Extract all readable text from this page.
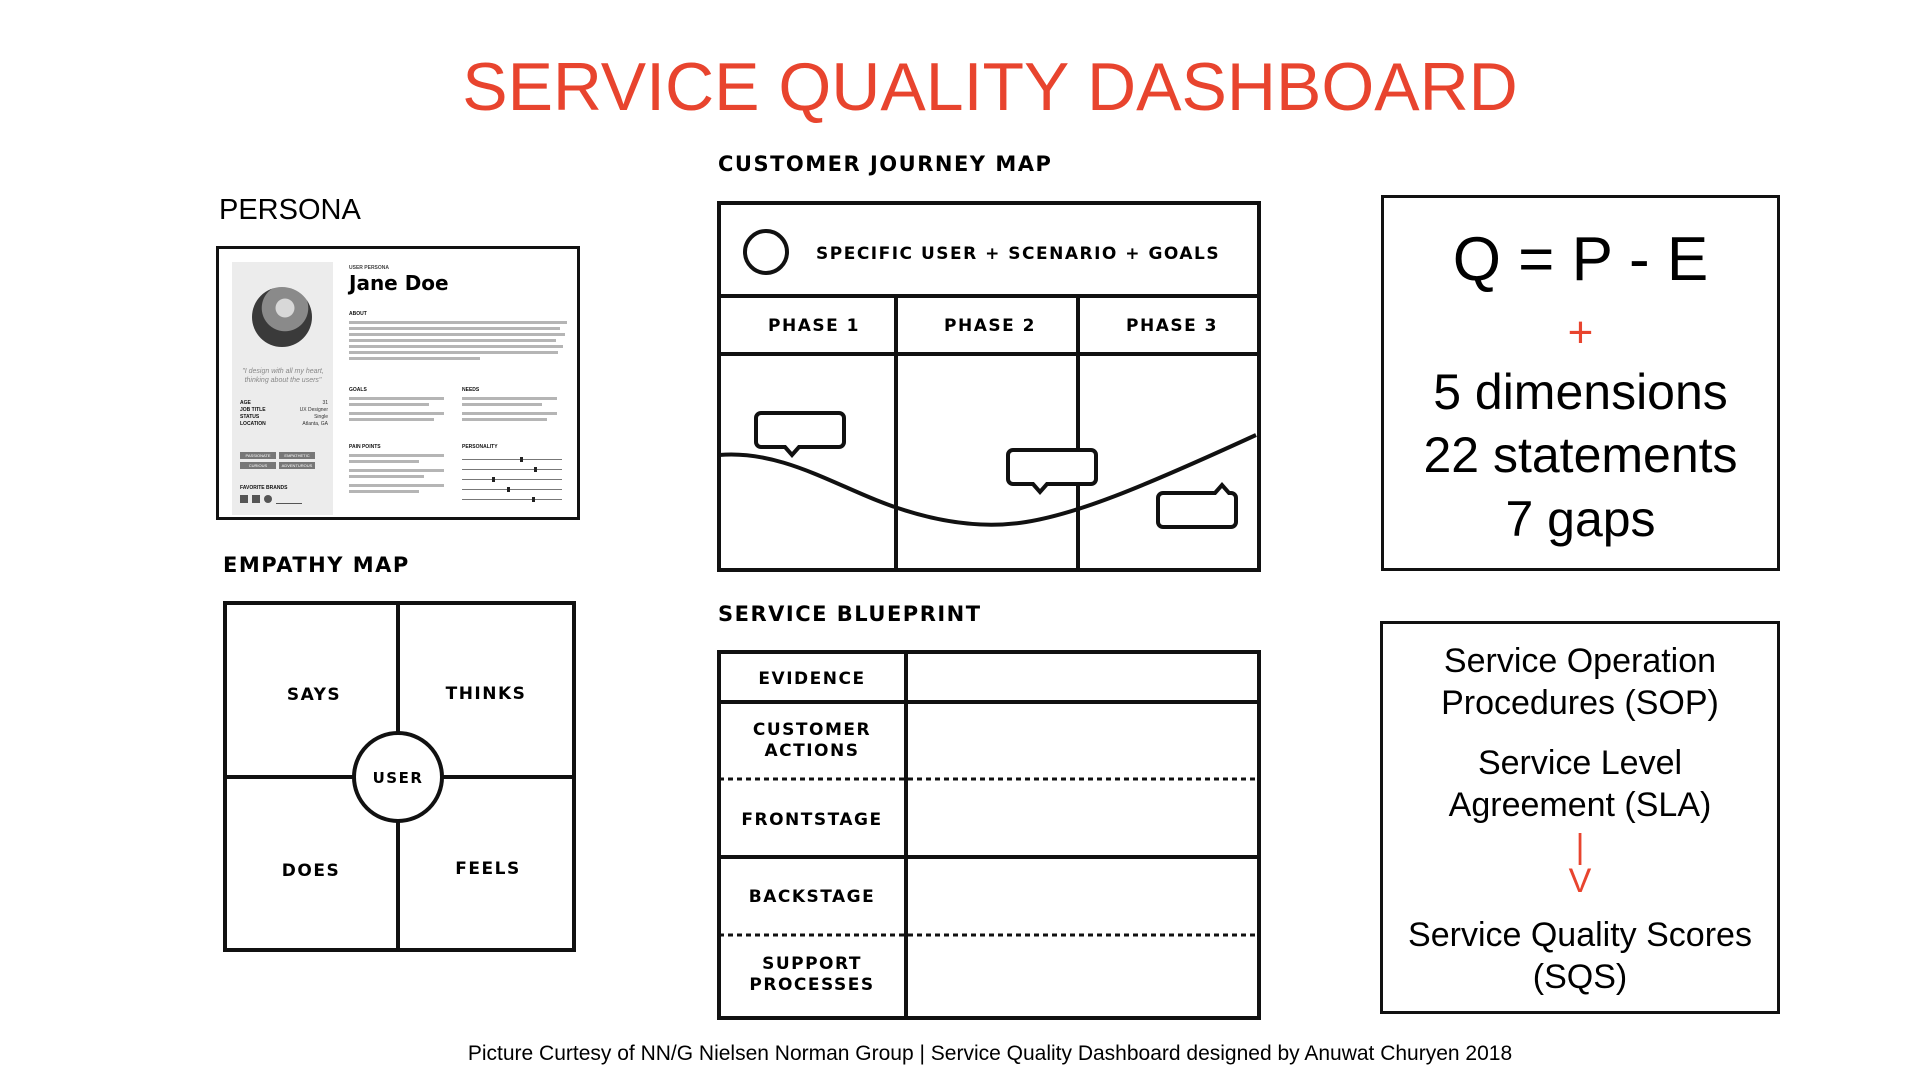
SERVICE QUALITY DASHBOARD
PERSONA
"I design with all my heart, thinking about the users"
AGE	31
JOB TITLE	UX Designer
STATUS	Single
LOCATION	Atlanta, GA
PASSIONATE	EMPATHETIC
CURIOUS	ADVENTUROUS
FAVORITE BRANDS
USER PERSONA
Jane Doe
ABOUT
GOALS	NEEDS
PAIN POINTS	PERSONALITY
EMPATHY MAP
SAYS	THINKS
DOES	FEELS
USER
CUSTOMER JOURNEY MAP
SPECIFIC USER + SCENARIO + GOALS
PHASE 1	PHASE 2	PHASE 3
SERVICE BLUEPRINT
EVIDENCE
CUSTOMER
ACTIONS
FRONTSTAGE
BACKSTAGE
SUPPORT
PROCESSES
Q = P - E
+
5 dimensions
22 statements
7 gaps
Service Operation
Procedures (SOP)
Service Level
Agreement (SLA)
|
V
Service Quality Scores
(SQS)
Picture Curtesy of NN/G Nielsen Norman Group | Service Quality Dashboard designed by Anuwat Churyen 2018
